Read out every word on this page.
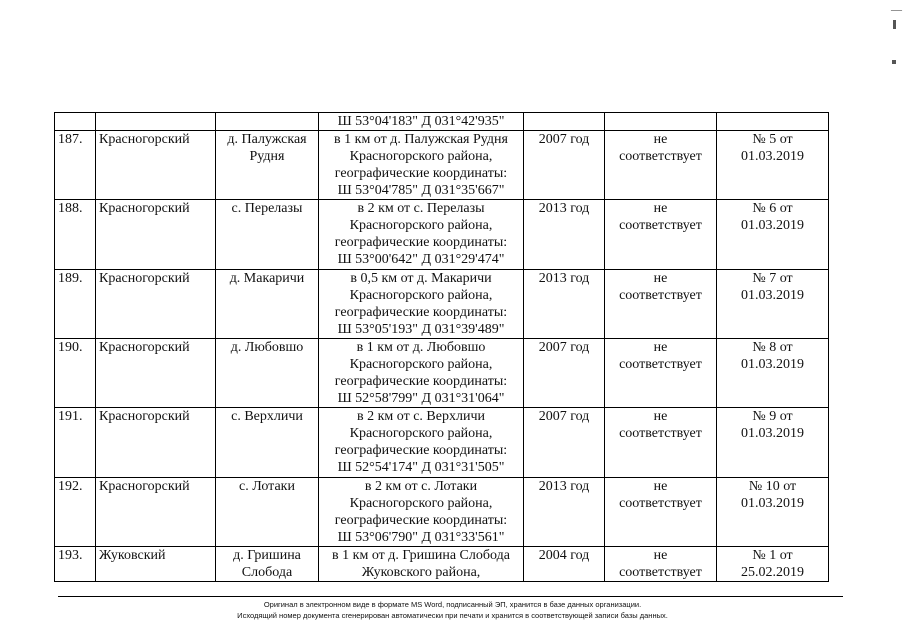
—

			Ш 53°04'183" Д 031°42'935"			

187.	Красногорский	д. Палужская
Рудня	в 1 км от д. Палужская Рудня
Красногорского района,
географические координаты:
Ш 53°04'785" Д 031°35'667"	2007 год	не
соответствует	№ 5 от
01.03.2019

188.	Красногорский	с. Перелазы	в 2 км от с. Перелазы
Красногорского района,
географические координаты:
Ш 53°00'642" Д 031°29'474"	2013 год	не
соответствует	№ 6 от
01.03.2019

189.	Красногорский	д. Макаричи	в 0,5 км от д. Макаричи
Красногорского района,
географические координаты:
Ш 53°05'193" Д 031°39'489"	2013 год	не
соответствует	№ 7 от
01.03.2019

190.	Красногорский	д. Любовшо	в 1 км от д. Любовшо
Красногорского района,
географические координаты:
Ш 52°58'799" Д 031°31'064"	2007 год	не
соответствует	№ 8 от
01.03.2019

191.	Красногорский	с. Верхличи	в 2 км от с. Верхличи
Красногорского района,
географические координаты:
Ш 52°54'174" Д 031°31'505"	2007 год	не
соответствует	№ 9 от
01.03.2019

192.	Красногорский	с. Лотаки	в 2 км от с. Лотаки
Красногорского района,
географические координаты:
Ш 53°06'790" Д 031°33'561"	2013 год	не
соответствует	№ 10 от
01.03.2019

193.	Жуковский	д. Гришина
Слобода	в 1 км от д. Гришина Слобода
Жуковского района,	2004 год	не
соответствует	№ 1 от
25.02.2019
Оригинал в электронном виде в формате MS Word, подписанный ЭП, хранится в базе данных организации.
Исходящий номер документа сгенерирован автоматически при печати и хранится в соответствующей записи базы данных.
